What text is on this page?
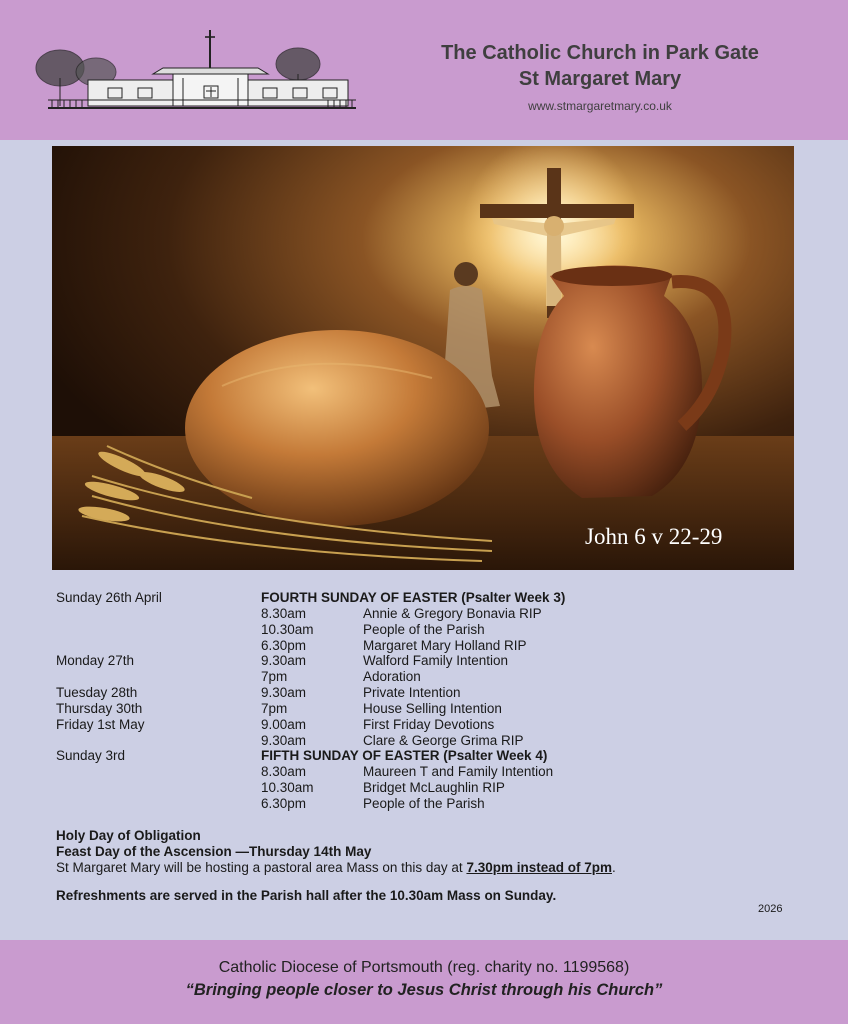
The Catholic Church in Park Gate
St Margaret Mary
www.stmargaretmary.co.uk
John 6 v 22-29
Sunday 26th April	FOURTH SUNDAY OF EASTER (Psalter Week 3)
8.30am	Annie & Gregory Bonavia RIP
10.30am	People of the Parish
6.30pm	Margaret Mary Holland RIP
Monday 27th	9.30am	Walford Family Intention
7pm	Adoration
Tuesday 28th	9.30am	Private Intention
Thursday 30th	7pm	House Selling Intention
Friday 1st May	9.00am	First Friday Devotions
9.30am	Clare & George Grima RIP
Sunday 3rd	FIFTH SUNDAY OF EASTER (Psalter Week 4)
8.30am	Maureen T and Family Intention
10.30am	Bridget McLaughlin RIP
6.30pm	People of the Parish
Holy Day of Obligation
Feast Day of the Ascension —Thursday 14th May
St Margaret Mary will be hosting a pastoral area Mass on this day at 7.30pm instead of 7pm.
Refreshments are served in the Parish hall after the 10.30am Mass on Sunday.
2026
Catholic Diocese of Portsmouth (reg. charity no. 1199568)
“Bringing people closer to Jesus Christ through his Church”
